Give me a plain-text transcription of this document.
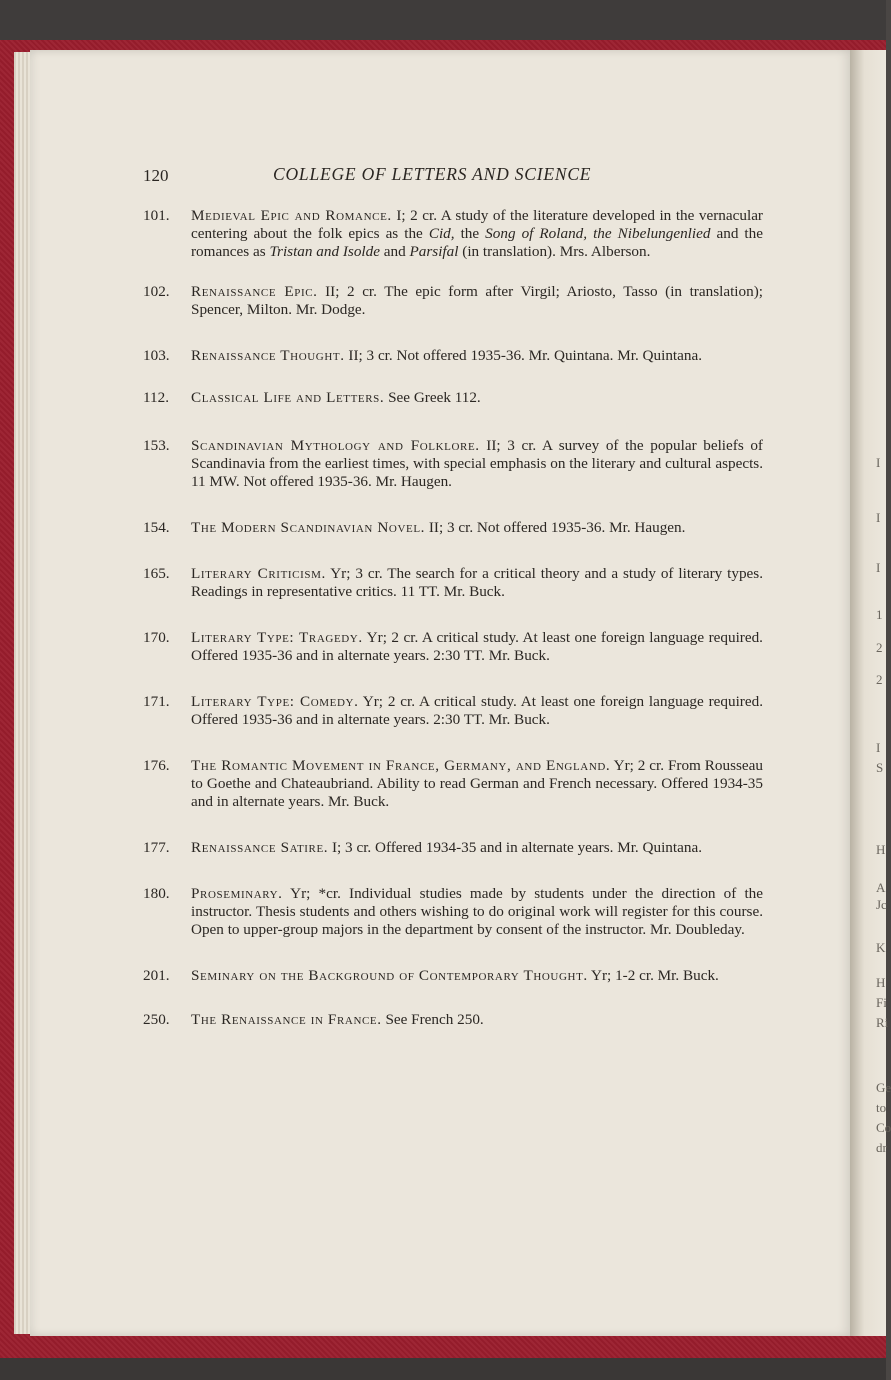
I
I
I
1
2
2
I
S
H
A
Jc
K
H
Fi
Ri
Ge
to
Co
dr
120	COLLEGE OF LETTERS AND SCIENCE
101. Medieval Epic and Romance. I; 2 cr. A study of the literature developed in the vernacular centering about the folk epics as the Cid, the Song of Roland, the Nibelungenlied and the romances as Tristan and Isolde and Parsifal (in translation). Mrs. Alberson.
102. Renaissance Epic. II; 2 cr. The epic form after Virgil; Ariosto, Tasso (in translation); Spencer, Milton. Mr. Dodge.
103. Renaissance Thought. II; 3 cr. Not offered 1935-36. Mr. Quintana. Mr. Quintana.
112. Classical Life and Letters. See Greek 112.
153. Scandinavian Mythology and Folklore. II; 3 cr. A survey of the popular beliefs of Scandinavia from the earliest times, with special emphasis on the literary and cultural aspects. 11 MW. Not offered 1935-36. Mr. Haugen.
154. The Modern Scandinavian Novel. II; 3 cr. Not offered 1935-36. Mr. Haugen.
165. Literary Criticism. Yr; 3 cr. The search for a critical theory and a study of literary types. Readings in representative critics. 11 TT. Mr. Buck.
170. Literary Type: Tragedy. Yr; 2 cr. A critical study. At least one foreign language required. Offered 1935-36 and in alternate years. 2:30 TT. Mr. Buck.
171. Literary Type: Comedy. Yr; 2 cr. A critical study. At least one foreign language required. Offered 1935-36 and in alternate years. 2:30 TT. Mr. Buck.
176. The Romantic Movement in France, Germany, and England. Yr; 2 cr. From Rousseau to Goethe and Chateaubriand. Ability to read German and French necessary. Offered 1934-35 and in alternate years. Mr. Buck.
177. Renaissance Satire. I; 3 cr. Offered 1934-35 and in alternate years. Mr. Quintana.
180. Proseminary. Yr; *cr. Individual studies made by students under the direction of the instructor. Thesis students and others wishing to do original work will register for this course. Open to upper-group majors in the department by consent of the instructor. Mr. Doubleday.
201. Seminary on the Background of Contemporary Thought. Yr; 1-2 cr. Mr. Buck.
250. The Renaissance in France. See French 250.
